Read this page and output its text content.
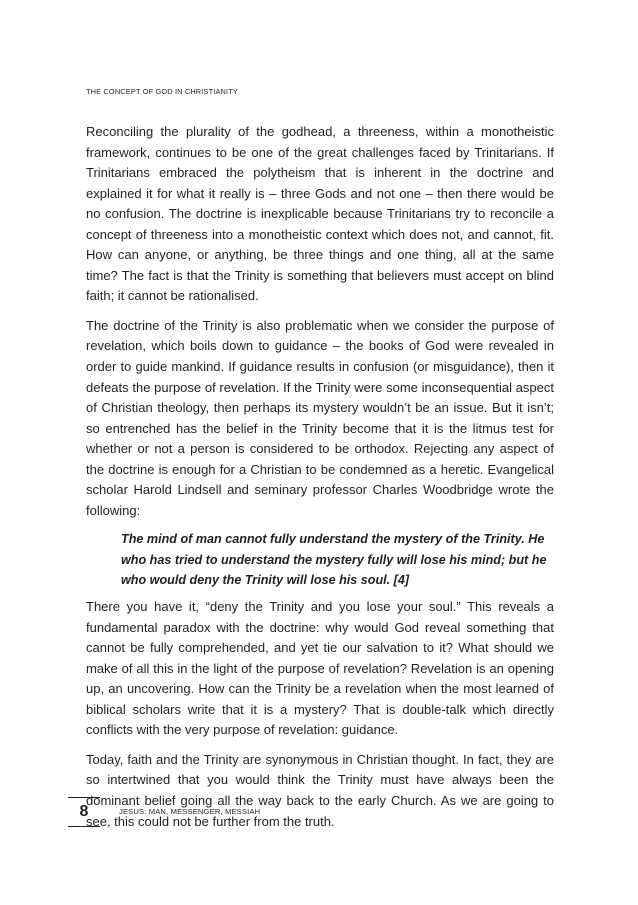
THE CONCEPT OF GOD IN CHRISTIANITY

Reconciling the plurality of the godhead, a threeness, within a monotheistic framework, continues to be one of the great challenges faced by Trinitarians. If Trinitarians embraced the polytheism that is inherent in the doctrine and explained it for what it really is – three Gods and not one – then there would be no confusion. The doctrine is inexplicable because Trinitarians try to reconcile a concept of threeness into a monotheistic context which does not, and cannot, fit. How can anyone, or anything, be three things and one thing, all at the same time? The fact is that the Trinity is something that believers must accept on blind faith; it cannot be rationalised.

The doctrine of the Trinity is also problematic when we consider the purpose of revelation, which boils down to guidance – the books of God were revealed in order to guide mankind. If guidance results in confusion (or misguidance), then it defeats the purpose of revelation. If the Trinity were some inconsequential aspect of Christian theology, then perhaps its mystery wouldn’t be an issue. But it isn’t; so entrenched has the belief in the Trinity become that it is the litmus test for whether or not a person is considered to be orthodox. Rejecting any aspect of the doctrine is enough for a Christian to be condemned as a heretic. Evangelical scholar Harold Lindsell and seminary professor Charles Woodbridge wrote the following:

The mind of man cannot fully understand the mystery of the Trinity. He who has tried to understand the mystery fully will lose his mind; but he who would deny the Trinity will lose his soul. [4]

There you have it, “deny the Trinity and you lose your soul.” This reveals a fundamental paradox with the doctrine: why would God reveal something that cannot be fully comprehended, and yet tie our salvation to it? What should we make of all this in the light of the purpose of revelation? Revelation is an opening up, an uncovering. How can the Trinity be a revelation when the most learned of biblical scholars write that it is a mystery? That is double-talk which directly conflicts with the very purpose of revelation: guidance.

Today, faith and the Trinity are synonymous in Christian thought. In fact, they are so intertwined that you would think the Trinity must have always been the dominant belief going all the way back to the early Church. As we are going to see, this could not be further from the truth.

8	JESUS: MAN, MESSENGER, MESSIAH
